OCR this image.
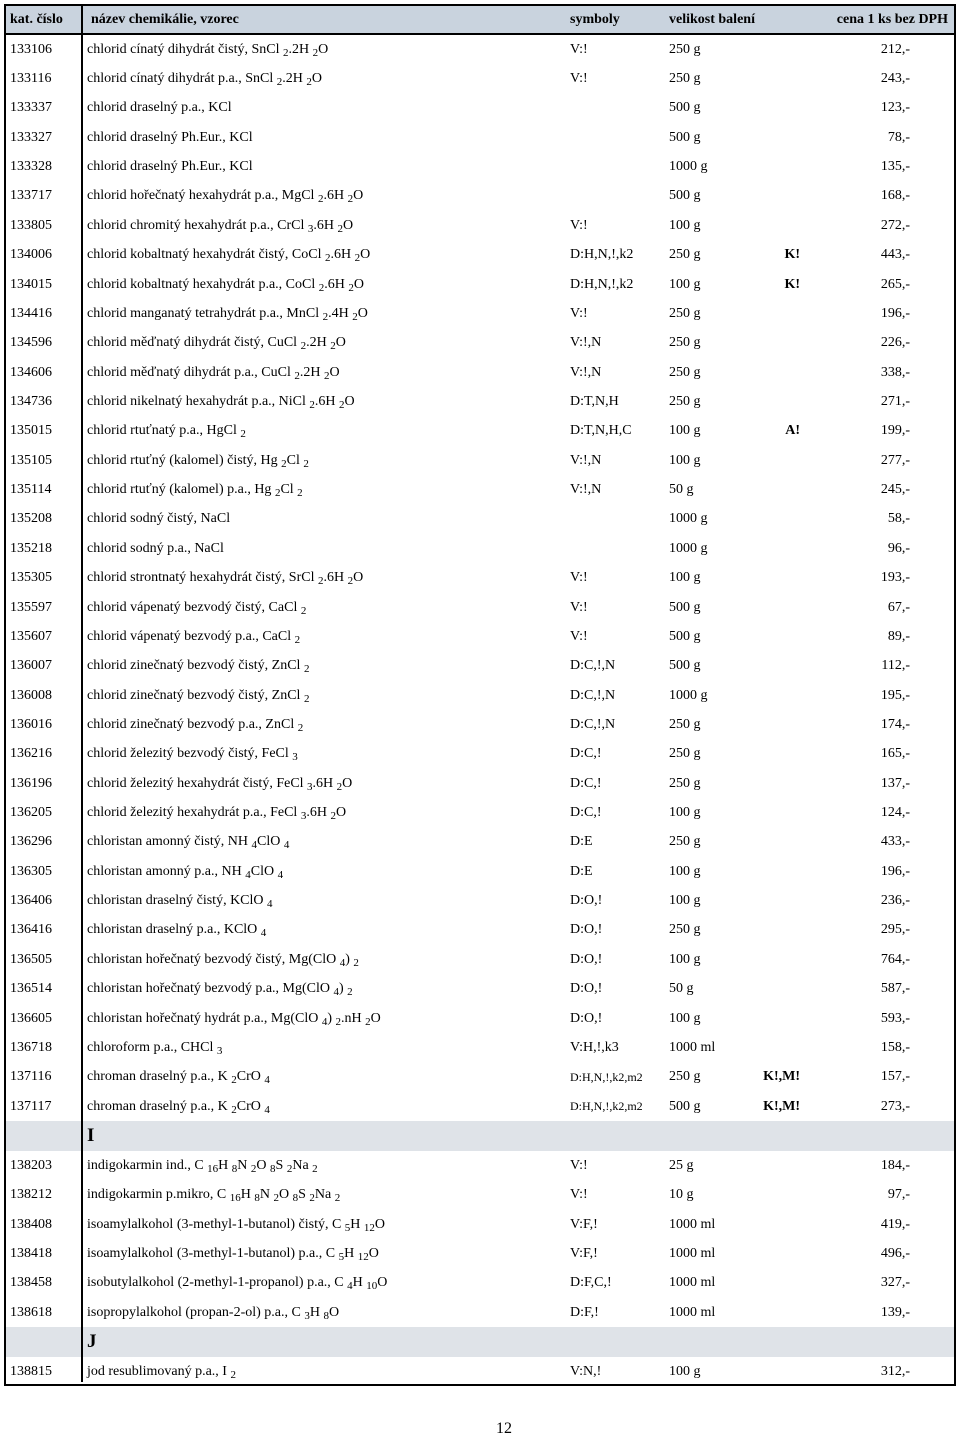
kat. číslo	název chemikálie, vzorec	symboly	velikost balení		cena 1 ks bez DPH
133106	chlorid cínatý dihydrát čistý, SnCl $_2$.2H $_2$O	V:!	250 g		212,-
133116	chlorid cínatý dihydrát p.a., SnCl $_2$.2H $_2$O	V:!	250 g		243,-
133337	chlorid draselný p.a., KCl		500 g		123,-
133327	chlorid draselný Ph.Eur., KCl		500 g		78,-
133328	chlorid draselný Ph.Eur., KCl		1000 g		135,-
133717	chlorid hořečnatý hexahydrát p.a., MgCl $_2$.6H $_2$O		500 g		168,-
133805	chlorid chromitý hexahydrát p.a., CrCl $_3$.6H $_2$O	V:!	100 g		272,-
134006	chlorid kobaltnatý hexahydrát čistý, CoCl $_2$.6H $_2$O	D:H,N,!,k2	250 g	K!	443,-
134015	chlorid kobaltnatý hexahydrát p.a., CoCl $_2$.6H $_2$O	D:H,N,!,k2	100 g	K!	265,-
134416	chlorid manganatý tetrahydrát p.a., MnCl $_2$.4H $_2$O	V:!	250 g		196,-
134596	chlorid měďnatý dihydrát čistý, CuCl $_2$.2H $_2$O	V:!,N	250 g		226,-
134606	chlorid měďnatý dihydrát p.a., CuCl $_2$.2H $_2$O	V:!,N	250 g		338,-
134736	chlorid nikelnatý hexahydrát p.a., NiCl $_2$.6H $_2$O	D:T,N,H	250 g		271,-
135015	chlorid rtuťnatý p.a., HgCl $_2$	D:T,N,H,C	100 g	A!	199,-
135105	chlorid rtuťný (kalomel) čistý, Hg $_2$Cl $_2$	V:!,N	100 g		277,-
135114	chlorid rtuťný (kalomel) p.a., Hg $_2$Cl $_2$	V:!,N	50 g		245,-
135208	chlorid sodný čistý, NaCl		1000 g		58,-
135218	chlorid sodný p.a., NaCl		1000 g		96,-
135305	chlorid strontnatý hexahydrát čistý, SrCl $_2$.6H $_2$O	V:!	100 g		193,-
135597	chlorid vápenatý bezvodý čistý, CaCl $_2$	V:!	500 g		67,-
135607	chlorid vápenatý bezvodý p.a., CaCl $_2$	V:!	500 g		89,-
136007	chlorid zinečnatý bezvodý čistý, ZnCl $_2$	D:C,!,N	500 g		112,-
136008	chlorid zinečnatý bezvodý čistý, ZnCl $_2$	D:C,!,N	1000 g		195,-
136016	chlorid zinečnatý bezvodý p.a., ZnCl $_2$	D:C,!,N	250 g		174,-
136216	chlorid železitý bezvodý čistý, FeCl $_3$	D:C,!	250 g		165,-
136196	chlorid železitý hexahydrát čistý, FeCl $_3$.6H $_2$O	D:C,!	250 g		137,-
136205	chlorid železitý hexahydrát p.a., FeCl $_3$.6H $_2$O	D:C,!	100 g		124,-
136296	chloristan amonný čistý, NH $_4$ClO $_4$	D:E	250 g		433,-
136305	chloristan amonný p.a., NH $_4$ClO $_4$	D:E	100 g		196,-
136406	chloristan draselný čistý, KClO $_4$	D:O,!	100 g		236,-
136416	chloristan draselný p.a., KClO $_4$	D:O,!	250 g		295,-
136505	chloristan hořečnatý bezvodý čistý, Mg(ClO $_4$) $_2$	D:O,!	100 g		764,-
136514	chloristan hořečnatý bezvodý p.a., Mg(ClO $_4$) $_2$	D:O,!	50 g		587,-
136605	chloristan hořečnatý hydrát p.a., Mg(ClO $_4$) $_2$.nH $_2$O	D:O,!	100 g		593,-
136718	chloroform p.a., CHCl $_3$	V:H,!,k3	1000 ml		158,-
137116	chroman draselný p.a., K $_2$CrO $_4$	D:H,N,!,k2,m2	250 g	K!,M!	157,-
137117	chroman draselný p.a., K $_2$CrO $_4$	D:H,N,!,k2,m2	500 g	K!,M!	273,-
	I				
138203	indigokarmin ind., C $_{16}$H $_8$N $_2$O $_8$S $_2$Na $_2$	V:!	25 g		184,-
138212	indigokarmin p.mikro, C $_{16}$H $_8$N $_2$O $_8$S $_2$Na $_2$	V:!	10 g		97,-
138408	isoamylalkohol (3-methyl-1-butanol) čistý, C $_5$H $_{12}$O	V:F,!	1000 ml		419,-
138418	isoamylalkohol (3-methyl-1-butanol) p.a., C $_5$H $_{12}$O	V:F,!	1000 ml		496,-
138458	isobutylalkohol (2-methyl-1-propanol) p.a., C $_4$H $_{10}$O	D:F,C,!	1000 ml		327,-
138618	isopropylalkohol (propan-2-ol) p.a., C $_3$H $_8$O	D:F,!	1000 ml		139,-
	J				
138815	jod resublimovaný p.a., I $_2$	V:N,!	100 g		312,-
12
